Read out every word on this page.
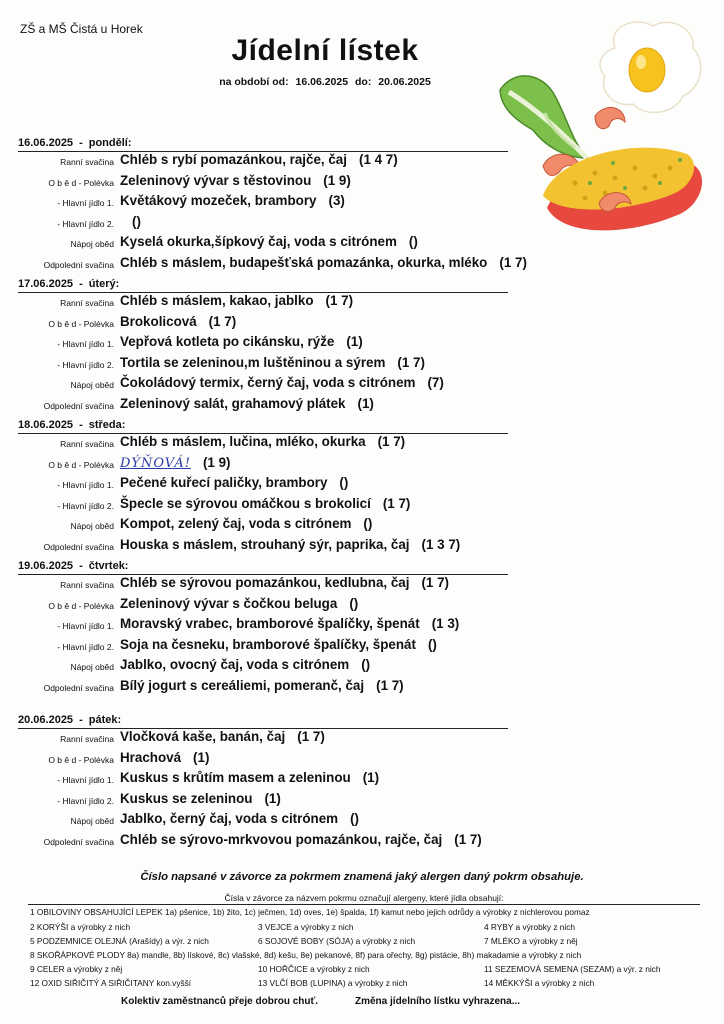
ZŠ a MŠ Čistá u Horek
Jídelní lístek
na období od: 16.06.2025 do: 20.06.2025
16.06.2025 - pondělí:
Ranní svačina Chléb s rybí pomazánkou, rajče, čaj (1 4 7)
O b ě d - Polévka Zeleninový vývar s těstovinou (1 9)
- Hlavní jídlo 1. Květákový mozeček, brambory (3)
- Hlavní jídlo 2.	()
Nápoj oběd Kyselá okurka,šípkový čaj, voda s citrónem ()
Odpolední svačina Chléb s máslem, budapešťská pomazánka, okurka, mléko (1 7)
17.06.2025 - úterý:
Ranní svačina Chléb s máslem, kakao, jablko (1 7)
O b ě d - Polévka Brokolicová (1 7)
- Hlavní jídlo 1. Vepřová kotleta po cikánsku, rýže (1)
- Hlavní jídlo 2. Tortila se zeleninou,m luštěninou a sýrem (1 7)
Nápoj oběd Čokoládový termix, černý čaj, voda s citrónem (7)
Odpolední svačina Zeleninový salát, grahamový plátek (1)
18.06.2025 - středa:
Ranní svačina Chléb s máslem, lučina, mléko, okurka (1 7)
O b ě d - Polévka DÝŇOVÁ! (1 9)
- Hlavní jídlo 1. Pečené kuřecí paličky, brambory ()
- Hlavní jídlo 2. Špecle se sýrovou omáčkou s brokolicí (1 7)
Nápoj oběd Kompot, zelený čaj, voda s citrónem ()
Odpolední svačina Houska s máslem, strouhaný sýr, paprika, čaj (1 3 7)
19.06.2025 - čtvrtek:
Ranní svačina Chléb se sýrovou pomazánkou, kedlubna, čaj (1 7)
O b ě d - Polévka Zeleninový vývar s čočkou beluga ()
- Hlavní jídlo 1. Moravský vrabec, bramborové špalíčky, špenát (1 3)
- Hlavní jídlo 2. Soja na česneku, bramborové špalíčky, špenát ()
Nápoj oběd Jablko, ovocný čaj, voda s citrónem ()
Odpolední svačina Bílý jogurt s cereáliemi, pomeranč, čaj (1 7)
20.06.2025 - pátek:
Ranní svačina Vločková kaše, banán, čaj (1 7)
O b ě d - Polévka Hrachová (1)
- Hlavní jídlo 1. Kuskus s krůtím masem a zeleninou (1)
- Hlavní jídlo 2. Kuskus se zeleninou (1)
Nápoj oběd Jablko, černý čaj, voda s citrónem ()
Odpolední svačina Chléb se sýrovo-mrkvovou pomazánkou, rajče, čaj (1 7)
Číslo napsané v závorce za pokrmem znamená jaký alergen daný pokrm obsahuje.
Čísla v závorce za názvem pokrmu označují alergeny, které jídla obsahují:
1 OBILOVINY OBSAHUJÍCÍ LEPEK 1a) pšenice, 1b) žito, 1c) ječmen, 1d) oves, 1e) špalda, 1f) kamut nebo jejich odrůdy a výrobky z nichlerovou pomaz
2 KORÝŠI a výrobky z nich	3 VEJCE a výrobky z nich	4 RYBY a výrobky z nich
5 PODZEMNICE OLEJNÁ (Arašídy) a výr. z nich	6 SOJOVÉ BOBY (SÓJA) a výrobky z nich	7 MLÉKO a výrobky z něj
8 SKOŘÁPKOVÉ PLODY 8a) mandle, 8b) lískové, 8c) vlašské, 8d) kešu, 8e) pekanové, 8f) para ořechy, 8g) pistácie, 8h) makadamie a výrobky z nich
9 CELER a výrobky z něj	10 HOŘČICE a výrobky z nich	11 SEZEMOVÁ SEMENA (SEZAM) a výr. z nich
12 OXID SIŘIČITÝ A SIŘIČITANY kon.vyšší	13 VLČÍ BOB (LUPINA) a výrobky z nich	14 MĚKKÝŠI a výrobky z nich
Kolektiv zaměstnanců přeje dobrou chuť.	Změna jídelního lístku vyhrazena...
